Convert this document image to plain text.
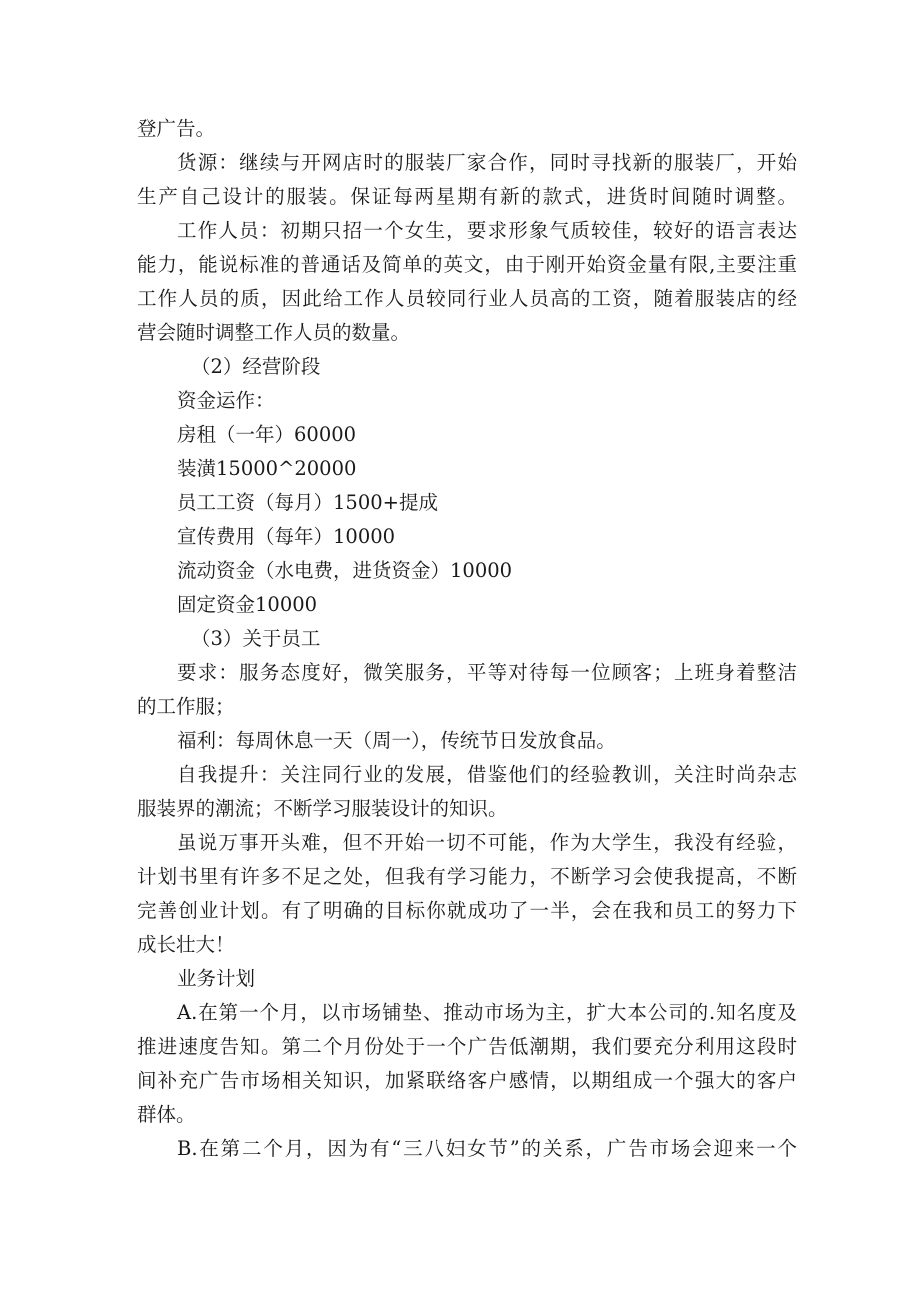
登广告。
货源：继续与开网店时的服装厂家合作，同时寻找新的服装厂，开始
生产自己设计的服装。保证每两星期有新的款式，进货时间随时调整。
工作人员：初期只招一个女生，要求形象气质较佳，较好的语言表达
能力，能说标准的普通话及简单的英文，由于刚开始资金量有限,主要注重
工作人员的质，因此给工作人员较同行业人员高的工资，随着服装店的经
营会随时调整工作人员的数量。
（2）经营阶段
资金运作：
房租（一年）60000
装潢15000^20000
员工工资（每月）1500+提成
宣传费用（每年）10000
流动资金（水电费，进货资金）10000
固定资金10000
（3）关于员工
要求：服务态度好，微笑服务，平等对待每一位顾客；上班身着整洁
的工作服；
福利：每周休息一天（周一），传统节日发放食品。
自我提升：关注同行业的发展，借鉴他们的经验教训，关注时尚杂志
服装界的潮流；不断学习服装设计的知识。
虽说万事开头难，但不开始一切不可能，作为大学生，我没有经验，
计划书里有许多不足之处，但我有学习能力，不断学习会使我提高，不断
完善创业计划。有了明确的目标你就成功了一半，会在我和员工的努力下
成长壮大！
业务计划
A.在第一个月，以市场铺垫、推动市场为主，扩大本公司的.知名度及
推进速度告知。第二个月份处于一个广告低潮期，我们要充分利用这段时
间补充广告市场相关知识，加紧联络客户感情，以期组成一个强大的客户
群体。
B.在第二个月，因为有“三八妇女节”的关系，广告市场会迎来一个
